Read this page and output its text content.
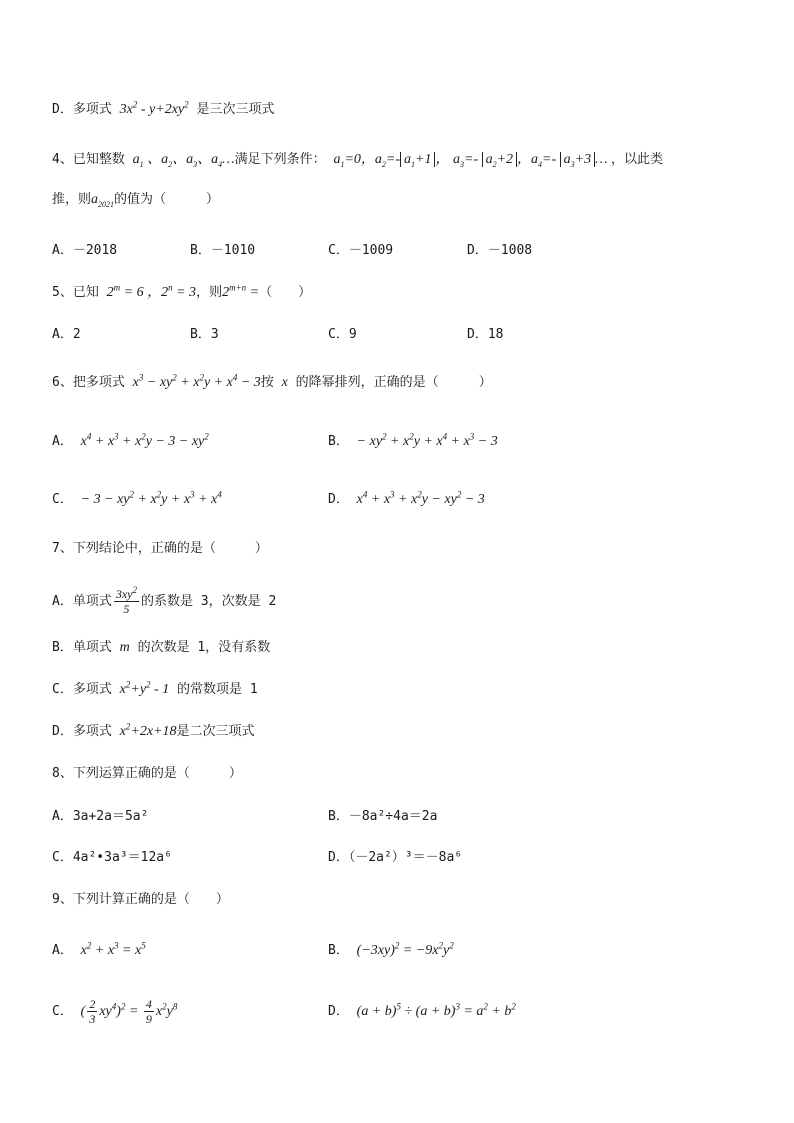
D．多项式 $3x^2 - y+2xy^2$ 是三次三项式
4、已知整数 $a_1$ 、$a_2$、$a_3$、$a_4\dots$满足下列条件： $a_1=0$，$a_2=-$ $a_1+1$ ， $a_3=-$ $a_2+2$ ，$a_4=-$ $a_3+3$ … ，以此类
推，则$a_{2021}$的值为（	）
A．－2018	B．－1010	C．－1009	D．－1008
5、已知 $2^m = 6$ ，$2^n = 3$，则$2^{m+n}$ =（　　）
A．2	B．3	C．9	D．18
6、把多项式 $x^3 - xy^2 + x^2y + x^4 - 3$按 x 的降幂排列，正确的是（	）
A． $x^4 + x^3 + x^2y - 3 - xy^2$	B． − $xy^2 + x^2y + x^4 + x^3 - 3$
C． − $3 - xy^2 + x^2y + x^3 + x^4$	D． $x^4 + x^3 + x^2y - xy^2 - 3$
7、下列结论中，正确的是（　　　）
A．单项式 $\frac{3xy^2}{5}$ 的系数是 3，次数是 2
B．单项式 m 的次数是 1，没有系数
C．多项式 $x^2+y^2 - 1$ 的常数项是 1
D．多项式 $x^2+2x+18$是二次三项式
8、下列运算正确的是（　　　）
A．3a+2a＝5a²	B．－8a²÷4a＝2a
C．4a²•3a³＝12a⁶	D．（－2a²）³＝－8a⁶
9、下列计算正确的是（　　）
A． $x^2 + x^3 = x^5$	B． $(-3xy)^2 = -9x^2y^2$
C． ( $\frac{2}{3} xy^4)^2 = \frac{4}{9} x^2y^8$	D． $(a + b)^5 \div (a + b)^3 = a^2 + b^2$
